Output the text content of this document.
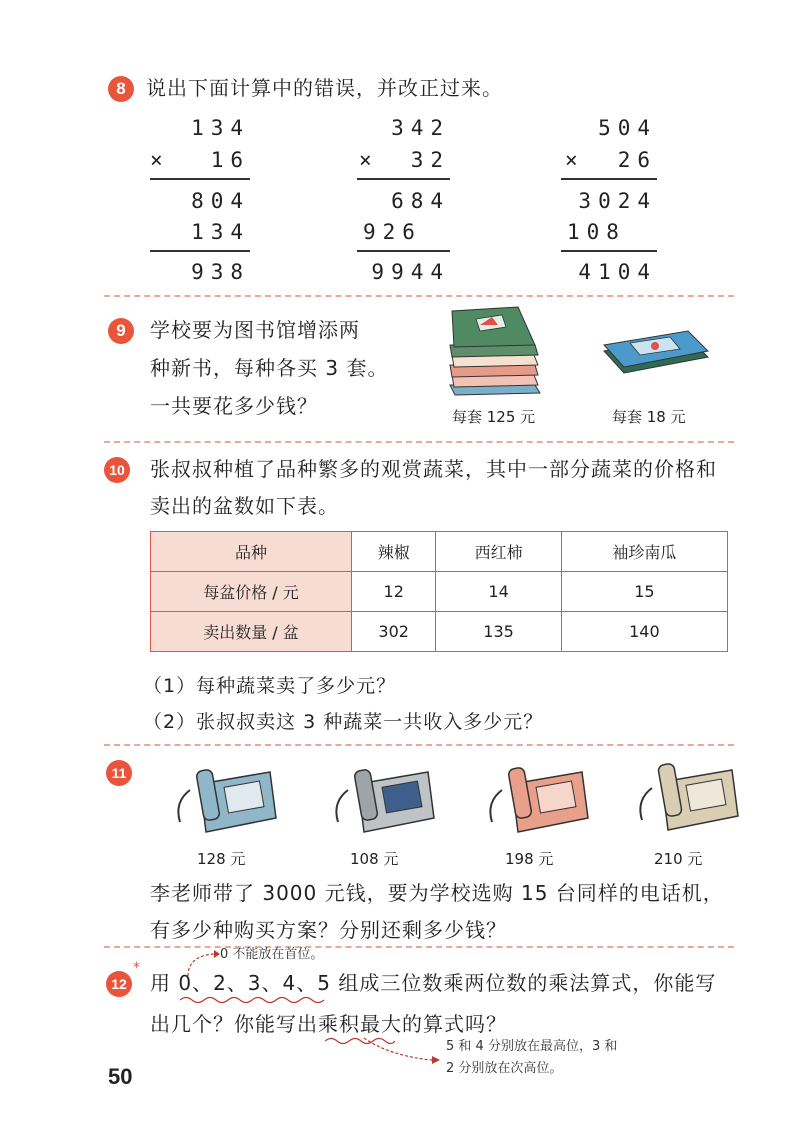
8	说出下面计算中的错误，并改正过来。
134
× 16
804
134
938
342
× 32
684
926
9944
504
× 26
3024
108
4104
9	学校要为图书馆增添两
种新书，每种各买 3 套。
一共要花多少钱？	每套 125 元	每套 18 元
10 张叔叔种植了品种繁多的观赏蔬菜，其中一部分蔬菜的价格和
卖出的盆数如下表。
品种	辣椒	西红柿	袖珍南瓜
每盆价格 / 元	12	14	15
卖出数量 / 盆	302	135	140
（1）每种蔬菜卖了多少元？
（2）张叔叔卖这 3 种蔬菜一共收入多少元？
11
128 元	108 元	198 元	210 元
李老师带了 3000 元钱，要为学校选购 15 台同样的电话机，
有多少种购买方案？分别还剩多少钱？
12
*
0 不能放在首位。
用 0、2、3、4、5 组成三位数乘两位数的乘法算式，你能写
出几个？你能写出乘积最大的算式吗？
5 和 4 分别放在最高位，3 和
2 分别放在次高位。
50
